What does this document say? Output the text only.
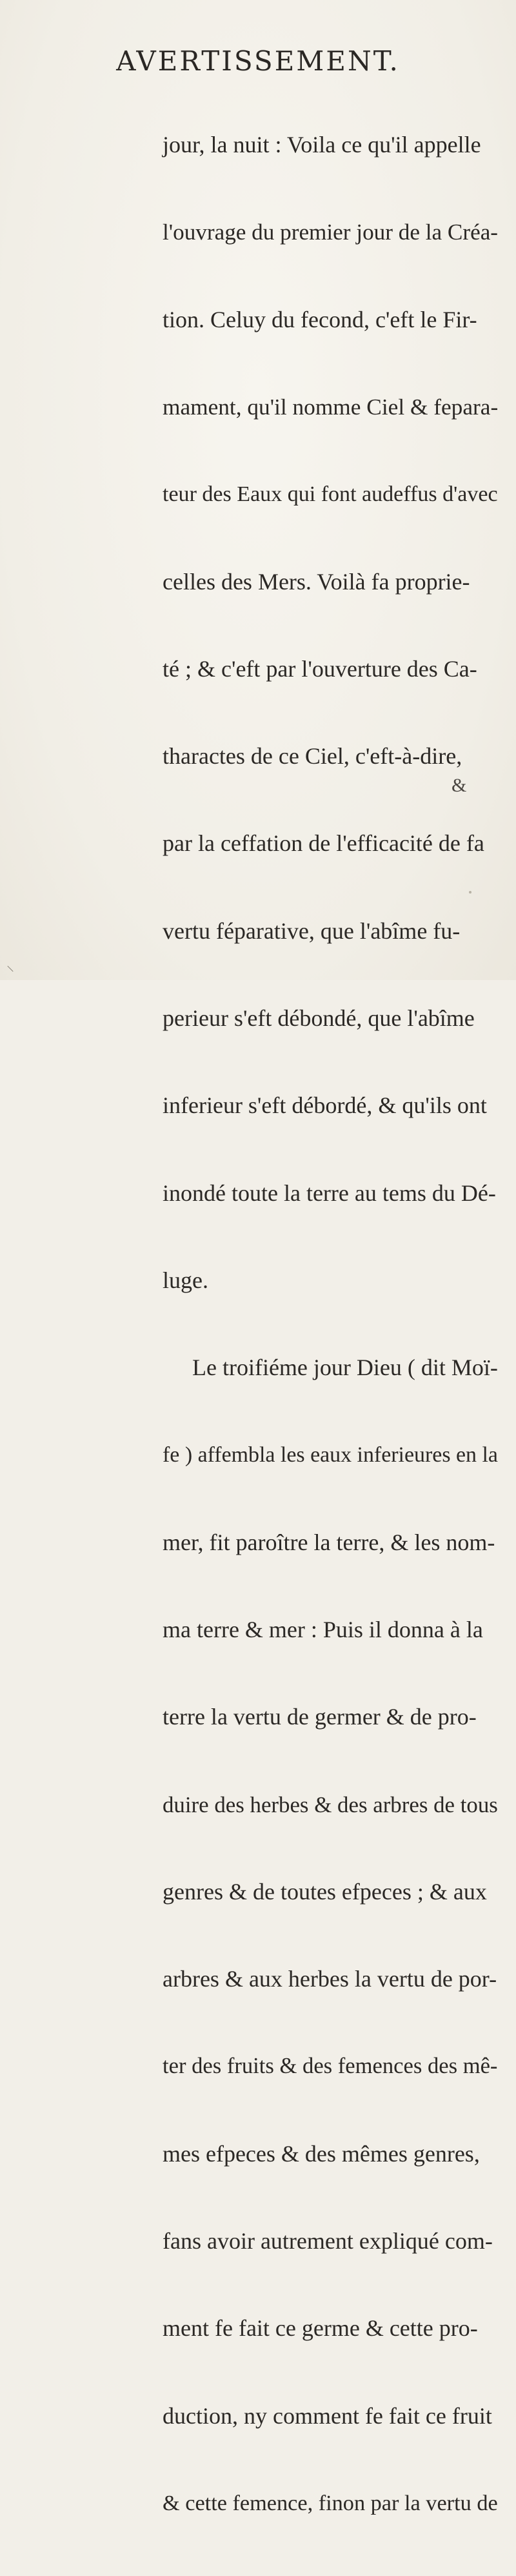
AVERTISSEMENT.

jour, la nuit : Voila ce qu'il appelle

l'ouvrage du premier jour de la Créa-

tion. Celuy du fecond, c'eft le Fir-

mament, qu'il nomme Ciel & fepara-

teur des Eaux qui font audeffus d'avec

celles des Mers. Voilà fa proprie-

té ; & c'eft par l'ouverture des Ca-

tharactes de ce Ciel, c'eft-à-dire,

par la ceffation de l'efficacité de fa

vertu féparative, que l'abîme fu-

perieur s'eft débondé, que l'abîme

inferieur s'eft débordé, & qu'ils ont

inondé toute la terre au tems du Dé-

luge.

Le troifiéme jour Dieu ( dit Moï-

fe ) affembla les eaux inferieures en la

mer, fit paroître la terre, & les nom-

ma terre & mer : Puis il donna à la

terre la vertu de germer & de pro-

duire des herbes & des arbres de tous

genres & de toutes efpeces ; & aux

arbres & aux herbes la vertu de por-

ter des fruits & des femences des mê-

mes efpeces & des mêmes genres,

fans avoir autrement expliqué com-

ment fe fait ce germe & cette pro-

duction, ny comment fe fait ce fruit

& cette femence, finon par la vertu de

&
